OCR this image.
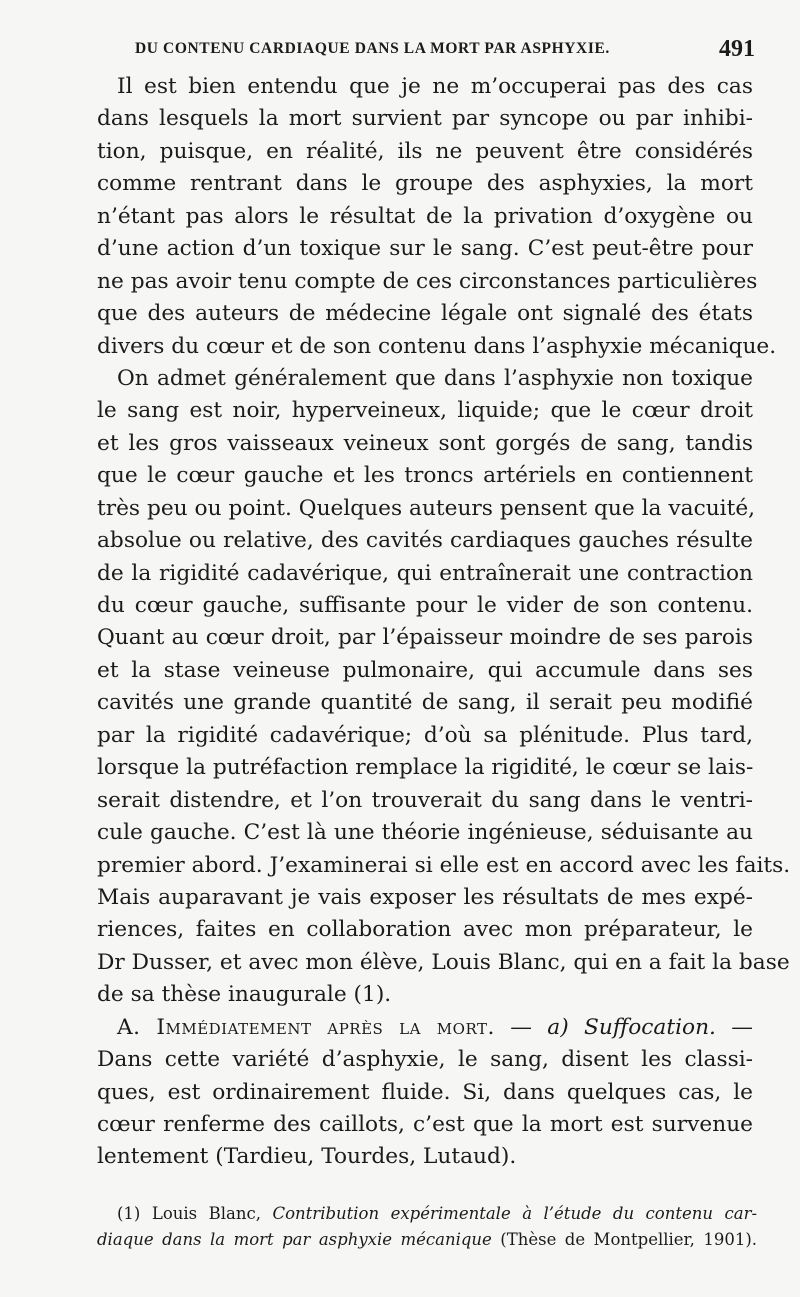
DU CONTENU CARDIAQUE DANS LA MORT PAR ASPHYXIE.	491
Il est bien entendu que je ne m’occuperai pas des cas
dans lesquels la mort survient par syncope ou par inhibi-
tion, puisque, en réalité, ils ne peuvent être considérés
comme rentrant dans le groupe des asphyxies, la mort
n’étant pas alors le résultat de la privation d’oxygène ou
d’une action d’un toxique sur le sang. C’est peut-être pour
ne pas avoir tenu compte de ces circonstances particulières
que des auteurs de médecine légale ont signalé des états
divers du cœur et de son contenu dans l’asphyxie mécanique.
On admet généralement que dans l’asphyxie non toxique
le sang est noir, hyperveineux, liquide; que le cœur droit
et les gros vaisseaux veineux sont gorgés de sang, tandis
que le cœur gauche et les troncs artériels en contiennent
très peu ou point. Quelques auteurs pensent que la vacuité,
absolue ou relative, des cavités cardiaques gauches résulte
de la rigidité cadavérique, qui entraînerait une contraction
du cœur gauche, suffisante pour le vider de son contenu.
Quant au cœur droit, par l’épaisseur moindre de ses parois
et la stase veineuse pulmonaire, qui accumule dans ses
cavités une grande quantité de sang, il serait peu modifié
par la rigidité cadavérique; d’où sa plénitude. Plus tard,
lorsque la putréfaction remplace la rigidité, le cœur se lais-
serait distendre, et l’on trouverait du sang dans le ventri-
cule gauche. C’est là une théorie ingénieuse, séduisante au
premier abord. J’examinerai si elle est en accord avec les faits.
Mais auparavant je vais exposer les résultats de mes expé-
riences, faites en collaboration avec mon préparateur, le
Dr Dusser, et avec mon élève, Louis Blanc, qui en a fait la base
de sa thèse inaugurale (1).
A. Immédiatement après la mort. — a) Suffocation. —
Dans cette variété d’asphyxie, le sang, disent les classi-
ques, est ordinairement fluide. Si, dans quelques cas, le
cœur renferme des caillots, c’est que la mort est survenue
lentement (Tardieu, Tourdes, Lutaud).
(1) Louis Blanc, Contribution expérimentale à l’étude du contenu car-
diaque dans la mort par asphyxie mécanique (Thèse de Montpellier, 1901).
